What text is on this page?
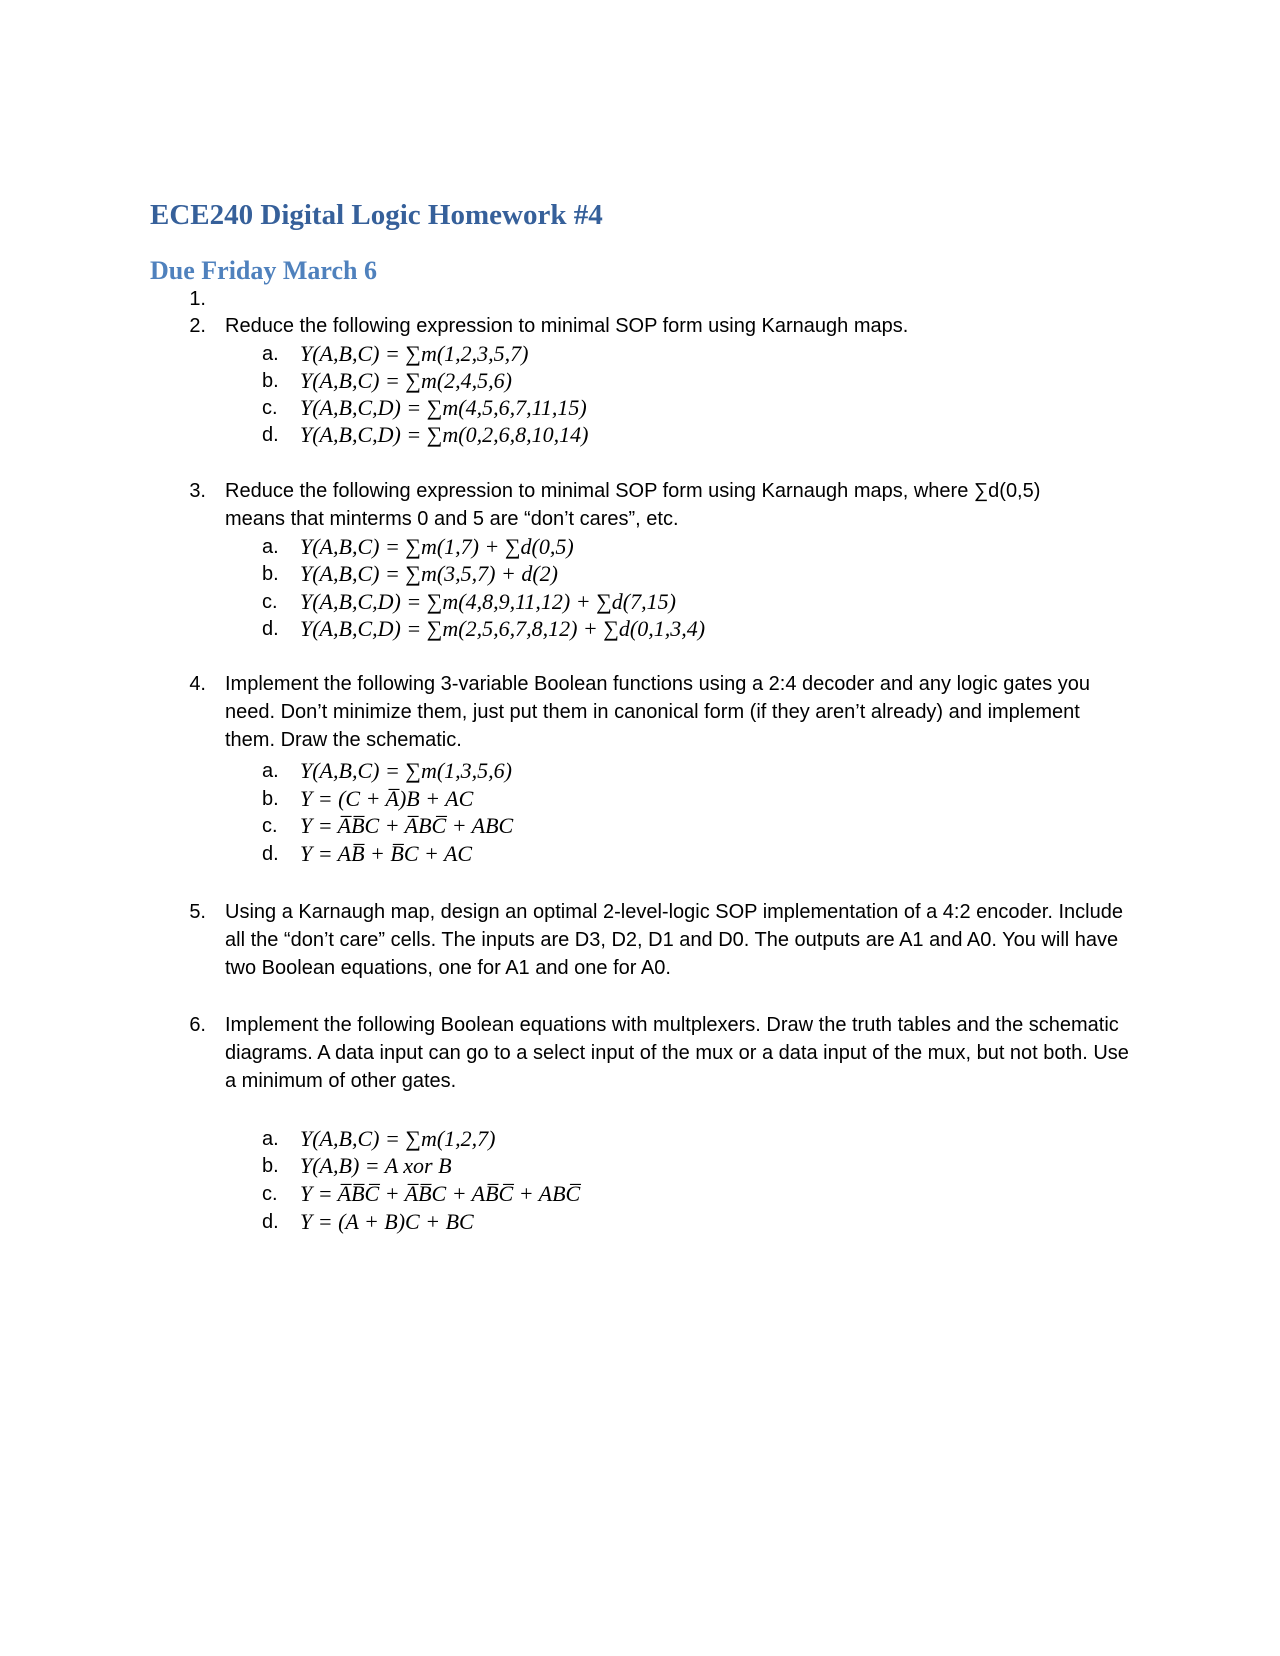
ECE240 Digital Logic Homework #4
Due Friday March 6
1.
2. Reduce the following expression to minimal SOP form using Karnaugh maps.
a. Y(A,B,C) = ∑m(1,2,3,5,7)
b. Y(A,B,C) = ∑m(2,4,5,6)
c. Y(A,B,C,D) = ∑m(4,5,6,7,11,15)
d. Y(A,B,C,D) = ∑m(0,2,6,8,10,14)
3. Reduce the following expression to minimal SOP form using Karnaugh maps, where ∑d(0,5)
means that minterms 0 and 5 are “don’t cares”, etc.
a. Y(A,B,C) = ∑m(1,7) + ∑d(0,5)
b. Y(A,B,C) = ∑m(3,5,7) + d(2)
c. Y(A,B,C,D) = ∑m(4,8,9,11,12) + ∑d(7,15)
d. Y(A,B,C,D) = ∑m(2,5,6,7,8,12) + ∑d(0,1,3,4)
4. Implement the following 3-variable Boolean functions using a 2:4 decoder and any logic gates you need. Don’t minimize them, just put them in canonical form (if they aren’t already) and implement them. Draw the schematic.
a. Y(A,B,C) = ∑m(1,3,5,6)
b. Y = (C + A̅)B + AC
c. Y = A̅B̅C + A̅BC̅ + ABC
d. Y = AB̅ + B̅C + AC
5. Using a Karnaugh map, design an optimal 2-level-logic SOP implementation of a 4:2 encoder. Include all the “don’t care” cells. The inputs are D3, D2, D1 and D0. The outputs are A1 and A0. You will have two Boolean equations, one for A1 and one for A0.
6. Implement the following Boolean equations with multplexers. Draw the truth tables and the schematic diagrams. A data input can go to a select input of the mux or a data input of the mux, but not both. Use a minimum of other gates.
a. Y(A,B,C) = ∑m(1,2,7)
b. Y(A,B) = A xor B
c. Y = A̅B̅C̅ + A̅B̅C + AB̅C̅ + ABC̅
d. Y = (A + B)C + BC
